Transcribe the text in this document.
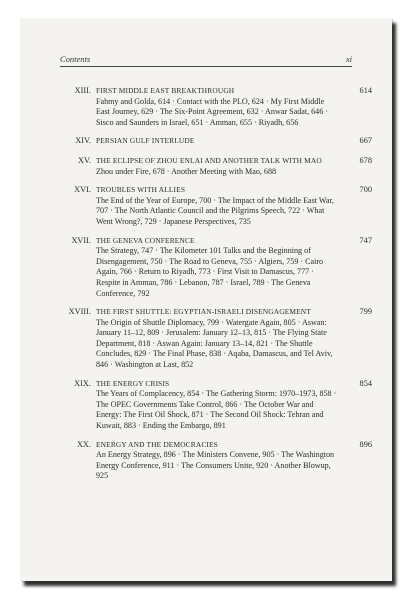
Contents	xi
XIII.	614
FIRST MIDDLE EAST BREAKTHROUGH
Fahmy and Golda, 614 · Contact with the PLO, 624 · My First Middle East Journey, 629 · The Six-Point Agreement, 632 · Anwar Sadat, 646 · Sisco and Saunders in Israel, 651 · Amman, 655 · Riyadh, 656
XIV.	667
PERSIAN GULF INTERLUDE
XV.	678
THE ECLIPSE OF ZHOU ENLAI AND ANOTHER TALK WITH MAO
Zhou under Fire, 678 · Another Meeting with Mao, 688
XVI.	700
TROUBLES WITH ALLIES
The End of the Year of Europe, 700 · The Impact of the Middle East War, 707 · The North Atlantic Council and the Pilgrims Speech, 722 · What Went Wrong?, 729 · Japanese Perspectives, 735
XVII.	747
THE GENEVA CONFERENCE
The Strategy, 747 · The Kilometer 101 Talks and the Beginning of Disengagement, 750 · The Road to Geneva, 755 · Algiers, 759 · Cairo Again, 766 · Return to Riyadh, 773 · First Visit to Damascus, 777 · Respite in Amman, 786 · Lebanon, 787 · Israel, 789 · The Geneva Conference, 792
XVIII.	799
THE FIRST SHUTTLE: EGYPTIAN-ISRAELI DISENGAGEMENT
The Origin of Shuttle Diplomacy, 799 · Watergate Again, 805 · Aswan: January 11–12, 809 · Jerusalem: January 12–13, 815 · The Flying State Department, 818 · Aswan Again: January 13–14, 821 · The Shuttle Concludes, 829 · The Final Phase, 838 · Aqaba, Damascus, and Tel Aviv, 846 · Washington at Last, 852
XIX.	854
THE ENERGY CRISIS
The Years of Complacency, 854 · The Gathering Storm: 1970–1973, 858 · The OPEC Governments Take Control, 866 · The October War and Energy: The First Oil Shock, 871 · The Second Oil Shock: Tehran and Kuwait, 883 · Ending the Embargo, 891
XX.	896
ENERGY AND THE DEMOCRACIES
An Energy Strategy, 896 · The Ministers Convene, 905 · The Washington Energy Conference, 911 · The Consumers Unite, 920 · Another Blowup, 925
